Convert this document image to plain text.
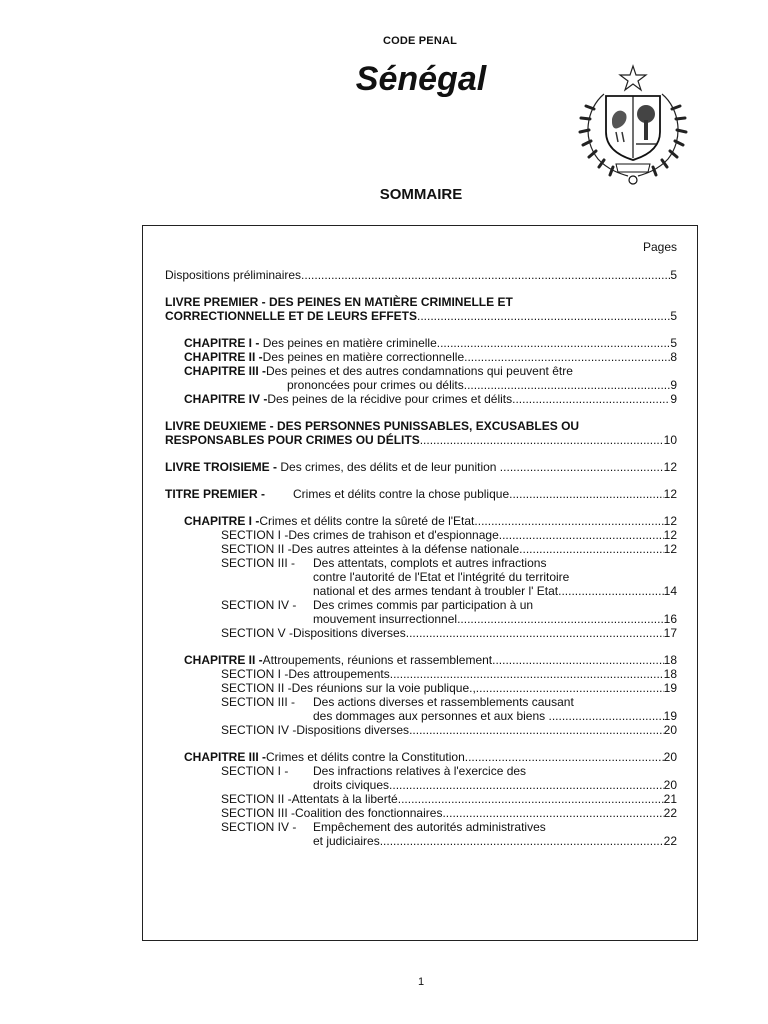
CODE PENAL
Sénégal
SOMMAIRE
Pages
Dispositions préliminaires. .....	5
LIVRE PREMIER - DES PEINES EN MATIÈRE CRIMINELLE ET
CORRECTIONNELLE ET DE LEURS EFFETS .....	5
CHAPITRE I -
Des peines en matière criminelle .....	5
CHAPITRE II - Des peines en matière correctionnelle .....	8
CHAPITRE III - Des peines et des autres condamnations qui peuvent être
prononcées pour crimes ou délits .....	9
CHAPITRE IV - Des peines de la récidive pour crimes et délits .....	9
LIVRE DEUXIEME - DES PERSONNES PUNISSABLES, EXCUSABLES OU
RESPONSABLES POUR CRIMES OU DÉLITS .....	10
LIVRE TROISIEME -
Des crimes, des délits et de leur punition ... .....	12
TITRE PREMIER -	Crimes et délits contre la chose publique .....	12
CHAPITRE I - Crimes et délits contre la sûreté de l'Etat .....	12
SECTION I - Des crimes de trahison et d'espionnage .....	12
SECTION II - Des autres atteintes à la défense nationale .....	12
SECTION III -	Des attentats, complots et autres infractions
contre l'autorité de l'Etat et l'intégrité du territoire
national et des armes tendant à troubler l' Etat .....	14
SECTION IV -	Des crimes commis par participation à un
mouvement insurrectionnel.. .....	16
SECTION V - Dispositions diverses .....	17
CHAPITRE II - Attroupements, réunions et rassemblement .....	18
SECTION I - Des attroupements .....	18
SECTION II - Des réunions sur la voie publique., .....	19
SECTION III -	Des actions diverses et rassemblements causant
des dommages aux personnes et aux biens . .....	19
SECTION IV - Dispositions diverses .....	20
CHAPITRE III - Crimes et délits contre la Constitution .....	20
SECTION I -	Des infractions relatives à l'exercice des
droits civiques .....	20
SECTION II - Attentats à la liberté .....	21
SECTION III - Coalition des fonctionnaires .....	22
SECTION IV -	Empêchement des autorités administratives
et judiciaires .....	22
1
